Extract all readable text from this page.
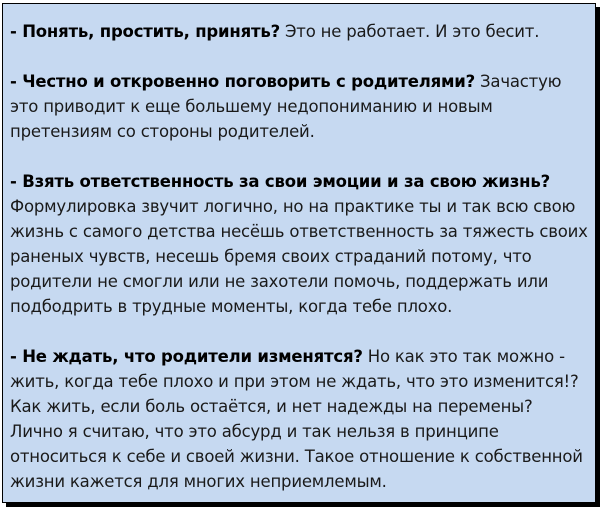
- Понять, простить, принять? Это не работает. И это бесит.

- Честно и откровенно поговорить с родителями? Зачастую это приводит к еще большему недопониманию и новым претензиям со стороны родителей.

- Взять ответственность за свои эмоции и за свою жизнь? Формулировка звучит логично, но на практике ты и так всю свою жизнь с самого детства несёшь ответственность за тяжесть своих раненых чувств, несешь бремя своих страданий потому, что родители не смогли или не захотели помочь, поддержать или подбодрить в трудные моменты, когда тебе плохо.

- Не ждать, что родители изменятся? Но как это так можно - жить, когда тебе плохо и при этом не ждать, что это изменится!? Как жить, если боль остаётся, и нет надежды на перемены? Лично я считаю, что это абсурд и так нельзя в принципе относиться к себе и своей жизни. Такое отношение к собственной жизни кажется для многих неприемлемым.
